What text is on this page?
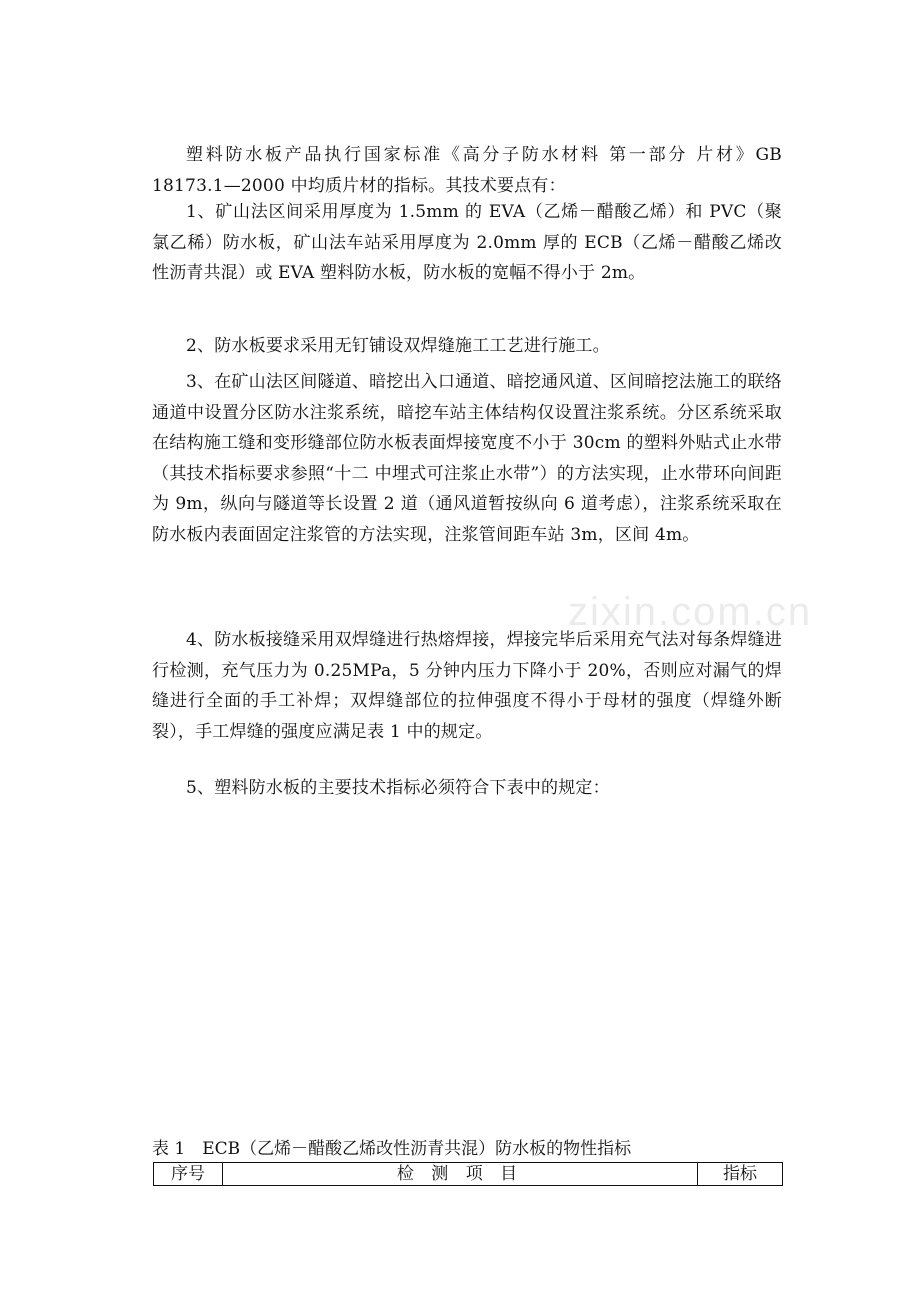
塑料防水板产品执行国家标准《高分子防水材料 第一部分 片材》GB 18173.1—2000 中均质片材的指标。其技术要点有：

1、矿山法区间采用厚度为 1.5mm 的 EVA（乙烯－醋酸乙烯）和 PVC（聚氯乙稀）防水板，矿山法车站采用厚度为 2.0mm 厚的 ECB（乙烯－醋酸乙烯改性沥青共混）或 EVA 塑料防水板，防水板的宽幅不得小于 2m。

2、防水板要求采用无钉铺设双焊缝施工工艺进行施工。

3、在矿山法区间隧道、暗挖出入口通道、暗挖通风道、区间暗挖法施工的联络通道中设置分区防水注浆系统，暗挖车站主体结构仅设置注浆系统。分区系统采取在结构施工缝和变形缝部位防水板表面焊接宽度不小于 30cm 的塑料外贴式止水带（其技术指标要求参照“十二 中埋式可注浆止水带”）的方法实现，止水带环向间距为 9m，纵向与隧道等长设置 2 道（通风道暂按纵向 6 道考虑），注浆系统采取在防水板内表面固定注浆管的方法实现，注浆管间距车站 3m，区间 4m。

4、防水板接缝采用双焊缝进行热熔焊接，焊接完毕后采用充气法对每条焊缝进行检测，充气压力为 0.25MPa，5 分钟内压力下降小于 20%，否则应对漏气的焊缝进行全面的手工补焊；双焊缝部位的拉伸强度不得小于母材的强度（焊缝外断裂），手工焊缝的强度应满足表 1 中的规定。

5、塑料防水板的主要技术指标必须符合下表中的规定：

zixin.com.cn

表 1　ECB（乙烯－醋酸乙烯改性沥青共混）防水板的物性指标

序号	检 测 项 目	指标
